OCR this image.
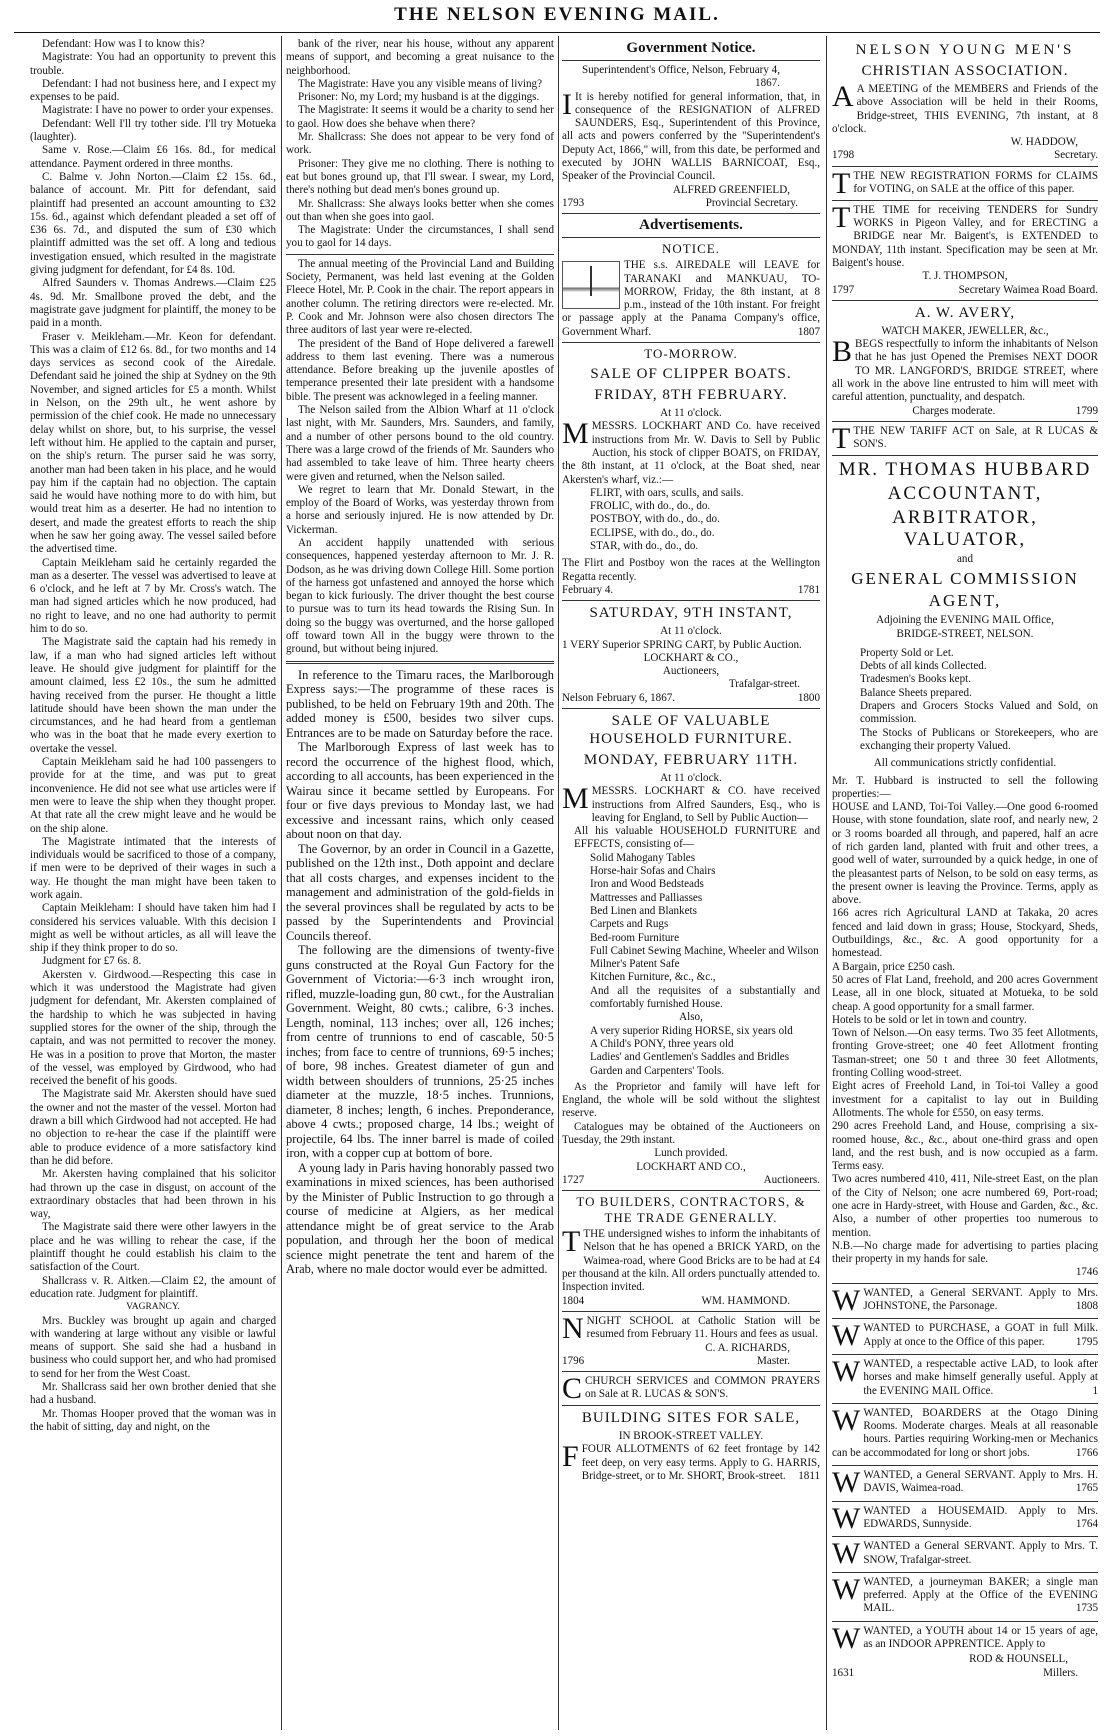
THE NELSON EVENING MAIL.

Defendant: How was I to know this?

Magistrate: You had an opportunity to prevent this trouble.

Defendant: I had not business here, and I expect my expenses to be paid.

Magistrate: I have no power to order your expenses.

Defendant: Well I'll try tother side. I'll try Motueka (laughter).

Same v. Rose.—Claim £6 16s. 8d., for medical attendance. Payment ordered in three months.

C. Balme v. John Norton.—Claim £2 15s. 6d., balance of account. Mr. Pitt for defendant, said plaintiff had presented an account amounting to £32 15s. 6d., against which defendant pleaded a set off of £36 6s. 7d., and disputed the sum of £30 which plaintiff admitted was the set off. A long and tedious investigation ensued, which resulted in the magistrate giving judgment for defendant, for £4 8s. 10d.

Alfred Saunders v. Thomas Andrews.—Claim £25 4s. 9d. Mr. Smallbone proved the debt, and the magistrate gave judgment for plaintiff, the money to be paid in a month.

Fraser v. Meikleham.—Mr. Keon for defendant. This was a claim of £12 6s. 8d., for two months and 14 days services as second cook of the Airedale. Defendant said he joined the ship at Sydney on the 9th November, and signed articles for £5 a month. Whilst in Nelson, on the 29th ult., he went ashore by permission of the chief cook. He made no unnecessary delay whilst on shore, but, to his surprise, the vessel left without him. He applied to the captain and purser, on the ship's return. The purser said he was sorry, another man had been taken in his place, and he would pay him if the captain had no objection. The captain said he would have nothing more to do with him, but would treat him as a deserter. He had no intention to desert, and made the greatest efforts to reach the ship when he saw her going away. The vessel sailed before the advertised time.

Captain Meikleham said he certainly regarded the man as a deserter. The vessel was advertised to leave at 6 o'clock, and he left at 7 by Mr. Cross's watch. The man had signed articles which he now produced, had no right to leave, and no one had authority to permit him to do so.

The Magistrate said the captain had his remedy in law, if a man who had signed articles left without leave. He should give judgment for plaintiff for the amount claimed, less £2 10s., the sum he admitted having received from the purser. He thought a little latitude should have been shown the man under the circumstances, and he had heard from a gentleman who was in the boat that he made every exertion to overtake the vessel.

Captain Meikleham said he had 100 passengers to provide for at the time, and was put to great inconvenience. He did not see what use articles were if men were to leave the ship when they thought proper. At that rate all the crew might leave and he would be on the ship alone.

The Magistrate intimated that the interests of individuals would be sacrificed to those of a company, if men were to be deprived of their wages in such a way. He thought the man might have been taken to work again.

Captain Meikleham: I should have taken him had I considered his services valuable. With this decision I might as well be without articles, as all will leave the ship if they think proper to do so.

Judgment for £7 6s. 8.

Akersten v. Girdwood.—Respecting this case in which it was understood the Magistrate had given judgment for defendant, Mr. Akersten complained of the hardship to which he was subjected in having supplied stores for the owner of the ship, through the captain, and was not permitted to recover the money. He was in a position to prove that Morton, the master of the vessel, was employed by Girdwood, who had received the benefit of his goods.

The Magistrate said Mr. Akersten should have sued the owner and not the master of the vessel. Morton had drawn a bill which Girdwood had not accepted. He had no objection to re-hear the case if the plaintiff were able to produce evidence of a more satisfactory kind than he did before.

Mr. Akersten having complained that his solicitor had thrown up the case in disgust, on account of the extraordinary obstacles that had been thrown in his way,

The Magistrate said there were other lawyers in the place and he was willing to rehear the case, if the plaintiff thought he could establish his claim to the satisfaction of the Court.

Shallcrass v. R. Aitken.—Claim £2, the amount of education rate. Judgment for plaintiff.

VAGRANCY.

Mrs. Buckley was brought up again and charged with wandering at large without any visible or lawful means of support. She said she had a husband in business who could support her, and who had promised to send for her from the West Coast.

Mr. Shallcrass said her own brother denied that she had a husband.

Mr. Thomas Hooper proved that the woman was in the habit of sitting, day and night, on the

bank of the river, near his house, without any apparent means of support, and becoming a great nuisance to the neighborhood.

The Magistrate: Have you any visible means of living?

Prisoner: No, my Lord; my husband is at the diggings.

The Magistrate: It seems it would be a charity to send her to gaol. How does she behave when there?

Mr. Shallcrass: She does not appear to be very fond of work.

Prisoner: They give me no clothing. There is nothing to eat but bones ground up, that I'll swear. I swear, my Lord, there's nothing but dead men's bones ground up.

Mr. Shallcrass: She always looks better when she comes out than when she goes into gaol.

The Magistrate: Under the circumstances, I shall send you to gaol for 14 days.

The annual meeting of the Provincial Land and Building Society, Permanent, was held last evening at the Golden Fleece Hotel, Mr. P. Cook in the chair. The report appears in another column. The retiring directors were re-elected. Mr. P. Cook and Mr. Johnson were also chosen directors The three auditors of last year were re-elected.

The president of the Band of Hope delivered a farewell address to them last evening. There was a numerous attendance. Before breaking up the juvenile apostles of temperance presented their late president with a handsome bible. The present was acknowleged in a feeling manner.

The Nelson sailed from the Albion Wharf at 11 o'clock last night, with Mr. Saunders, Mrs. Saunders, and family, and a number of other persons bound to the old country. There was a large crowd of the friends of Mr. Saunders who had assembled to take leave of him. Three hearty cheers were given and returned, when the Nelson sailed.

We regret to learn that Mr. Donald Stewart, in the employ of the Board of Works, was yesterday thrown from a horse and seriously injured. He is now attended by Dr. Vickerman.

An accident happily unattended with serious consequences, happened yesterday afternoon to Mr. J. R. Dodson, as he was driving down College Hill. Some portion of the harness got unfastened and annoyed the horse which began to kick furiously. The driver thought the best course to pursue was to turn its head towards the Rising Sun. In doing so the buggy was overturned, and the horse galloped off toward town All in the buggy were thrown to the ground, but without being injured.

In reference to the Timaru races, the Marlborough Express says:—The programme of these races is published, to be held on February 19th and 20th. The added money is £500, besides two silver cups. Entrances are to be made on Saturday before the race.

The Marlborough Express of last week has to record the occurrence of the highest flood, which, according to all accounts, has been experienced in the Wairau since it became settled by Europeans. For four or five days previous to Monday last, we had excessive and incessant rains, which only ceased about noon on that day.

The Governor, by an order in Council in a Gazette, published on the 12th inst., Doth appoint and declare that all costs charges, and expenses incident to the management and administration of the gold-fields in the several provinces shall be regulated by acts to be passed by the Superintendents and Provincial Councils thereof.

The following are the dimensions of twenty-five guns constructed at the Royal Gun Factory for the Government of Victoria:—6·3 inch wrought iron, rifled, muzzle-loading gun, 80 cwt., for the Australian Government. Weight, 80 cwts.; calibre, 6·3 inches. Length, nominal, 113 inches; over all, 126 inches; from centre of trunnions to end of cascable, 50·5 inches; from face to centre of trunnions, 69·5 inches; of bore, 98 inches. Greatest diameter of gun and width between shoulders of trunnions, 25·25 inches diameter at the muzzle, 18·5 inches. Trunnions, diameter, 8 inches; length, 6 inches. Preponderance, above 4 cwts.; proposed charge, 14 lbs.; weight of projectile, 64 lbs. The inner barrel is made of coiled iron, with a copper cup at bottom of bore.

A young lady in Paris having honorably passed two examinations in mixed sciences, has been authorised by the Minister of Public Instruction to go through a course of medicine at Algiers, as her medical attendance might be of great service to the Arab population, and through her the boon of medical science might penetrate the tent and harem of the Arab, where no male doctor would ever be admitted.

Government Notice.

Superintendent's Office, Nelson, February 4, 1867.

I It is hereby notified for general information, that, in consequence of the RESIGNATION of ALFRED SAUNDERS, Esq., Superintendent of this Province, all acts and powers conferred by the "Superintendent's Deputy Act, 1866," will, from this date, be performed and executed by JOHN WALLIS BARNICOAT, Esq., Speaker of the Provincial Council.

ALFRED GREENFIELD,

1793	Provincial Secretary.
Advertisements.
NOTICE.

THE s.s. AIREDALE will LEAVE for TARANAKI and MANKUAU, TO-MORROW, Friday, the 8th instant, at 8 p.m., instead of the 10th instant. For freight or passage apply at the Panama Company's office, Government Wharf.	1807

TO-MORROW.
SALE OF CLIPPER BOATS.
FRIDAY, 8TH FEBRUARY.

At 11 o'clock.

MMESSRS. LOCKHART AND Co. have received instructions from Mr. W. Davis to Sell by Public Auction, his stock of clipper BOATS, on FRIDAY, the 8th instant, at 11 o'clock, at the Boat shed, near Akersten's wharf, viz.:—

FLIRT, with oars, sculls, and sails.

FROLIC, with do., do., do.

POSTBOY, with do., do., do.

ECLIPSE, with do., do., do.

STAR, with do., do., do.

The Flirt and Postboy won the races at the Wellington Regatta recently.

February 4.	1781
SATURDAY, 9TH INSTANT,

At 11 o'clock.

1 VERY Superior SPRING CART, by Public Auction.

LOCKHART & CO.,

Auctioneers,

Trafalgar-street.

Nelson February 6, 1867.	1800
SALE OF VALUABLE HOUSEHOLD FURNITURE.
MONDAY, FEBRUARY 11TH.

At 11 o'clock.

MMESSRS. LOCKHART & CO. have received instructions from Alfred Saunders, Esq., who is leaving for England, to Sell by Public Auction—

All his valuable HOUSEHOLD FURNITURE and EFFECTS, consisting of—

Solid Mahogany Tables

Horse-hair Sofas and Chairs

Iron and Wood Bedsteads

Mattresses and Palliasses

Bed Linen and Blankets

Carpets and Rugs

Bed-room Furniture

Full Cabinet Sewing Machine, Wheeler and Wilson

Milner's Patent Safe

Kitchen Furniture, &c., &c.,

And all the requisites of a substantially and comfortably furnished House.

Also,

A very superior Riding HORSE, six years old

A Child's PONY, three years old

Ladies' and Gentlemen's Saddles and Bridles

Garden and Carpenters' Tools.

As the Proprietor and family will have left for England, the whole will be sold without the slightest reserve.

Catalogues may be obtained of the Auctioneers on Tuesday, the 29th instant.

Lunch provided.

LOCKHART AND CO.,

1727	Auctioneers.
TO BUILDERS, CONTRACTORS, & THE TRADE GENERALLY.

TTHE undersigned wishes to inform the inhabitants of Nelson that he has opened a BRICK YARD, on the Waimea-road, where Good Bricks are to be had at £4 per thousand at the kiln. All orders punctually attended to. Inspection invited.

1804	WM. HAMMOND.

NNIGHT SCHOOL at Catholic Station will be resumed from February 11. Hours and fees as usual.

C. A. RICHARDS,

1796	Master.

CCHURCH SERVICES and COMMON PRAYERS on Sale at R. LUCAS & SON'S.

BUILDING SITES FOR SALE,

IN BROOK-STREET VALLEY.

FFOUR ALLOTMENTS of 62 feet frontage by 142 feet deep, on very easy terms. Apply to G. HARRIS, Bridge-street, or to Mr. SHORT, Brook-street. 1811

NELSON YOUNG MEN'S
CHRISTIAN ASSOCIATION.

A A MEETING of the MEMBERS and Friends of the above Association will be held in their Rooms, Bridge-street, THIS EVENING, 7th instant, at 8 o'clock.

W. HADDOW,

1798	Secretary.

TTHE NEW REGISTRATION FORMS for CLAIMS for VOTING, on SALE at the office of this paper.

TTHE TIME for receiving TENDERS for Sundry WORKS in Pigeon Valley, and for ERECTING a BRIDGE near Mr. Baigent's, is EXTENDED to MONDAY, 11th instant. Specification may be seen at Mr. Baigent's house.

T. J. THOMPSON,

1797	Secretary Waimea Road Board.
A. W. AVERY,

WATCH MAKER, JEWELLER, &c.,

BBEGS respectfully to inform the inhabitants of Nelson that he has just Opened the Premises NEXT DOOR TO MR. LANGFORD'S, BRIDGE STREET, where all work in the above line entrusted to him will meet with careful attention, punctuality, and despatch.

Charges moderate.	1799

TTHE NEW TARIFF ACT on Sale, at R LUCAS & SON'S.

MR. THOMAS HUBBARD
ACCOUNTANT,
ARBITRATOR, VALUATOR,

and

GENERAL COMMISSION AGENT,

Adjoining the EVENING MAIL Office,

BRIDGE-STREET, NELSON.

Property Sold or Let.

Debts of all kinds Collected.

Tradesmen's Books kept.

Balance Sheets prepared.

Drapers and Grocers Stocks Valued and Sold, on commission.

The Stocks of Publicans or Storekeepers, who are exchanging their property Valued.

All communications strictly confidential.

Mr. T. Hubbard is instructed to sell the following properties:—

HOUSE and LAND, Toi-Toi Valley.—One good 6-roomed House, with stone foundation, slate roof, and nearly new, 2 or 3 rooms boarded all through, and papered, half an acre of rich garden land, planted with fruit and other trees, a good well of water, surrounded by a quick hedge, in one of the pleasantest parts of Nelson, to be sold on easy terms, as the present owner is leaving the Province. Terms, apply as above.

166 acres rich Agricultural LAND at Takaka, 20 acres fenced and laid down in grass; House, Stockyard, Sheds, Outbuildings, &c., &c. A good opportunity for a homestead.

A Bargain, price £250 cash.

50 acres of Flat Land, freehold, and 200 acres Government Lease, all in one block, situated at Motueka, to be sold cheap. A good opportunity for a small farmer.

Hotels to be sold or let in town and country.

Town of Nelson.—On easy terms. Two 35 feet Allotments, fronting Grove-street; one 40 feet Allotment fronting Tasman-street; one 50 t and three 30 feet Allotments, fronting Colling wood-street.

Eight acres of Freehold Land, in Toi-toi Valley a good investment for a capitalist to lay out in Building Allotments. The whole for £550, on easy terms.

290 acres Freehold Land, and House, comprising a six-roomed house, &c., &c., about one-third grass and open land, and the rest bush, and is now occupied as a farm. Terms easy.

Two acres numbered 410, 411, Nile-street East, on the plan of the City of Nelson; one acre numbered 69, Port-road; one acre in Hardy-street, with House and Garden, &c., &c. Also, a number of other properties too numerous to mention.

N.B.—No charge made for advertising to parties placing their property in my hands for sale.

1746

WWANTED, a General SERVANT. Apply to Mrs. JOHNSTONE, the Parsonage.	1808

WWANTED to PURCHASE, a GOAT in full Milk. Apply at once to the Office of this paper.	1795

WWANTED, a respectable active LAD, to look after horses and make himself generally useful. Apply at the EVENING MAIL Office.	1

WWANTED, BOARDERS at the Otago Dining Rooms. Moderate charges. Meals at all reasonable hours. Parties requiring Working-men or Mechanics can be accommodated for long or short jobs.	1766

WWANTED, a General SERVANT. Apply to Mrs. H. DAVIS, Waimea-road.	1765

WWANTED a HOUSEMAID. Apply to Mrs. EDWARDS, Sunnyside.	1764

WWANTED a General SERVANT. Apply to Mrs. T. SNOW, Trafalgar-street.

WWANTED, a journeyman BAKER; a single man preferred. Apply at the Office of the EVENING MAIL.	1735

WWANTED, a YOUTH about 14 or 15 years of age, as an INDOOR APPRENTICE. Apply to

ROD & HOUNSELL,

1631	Millers.
